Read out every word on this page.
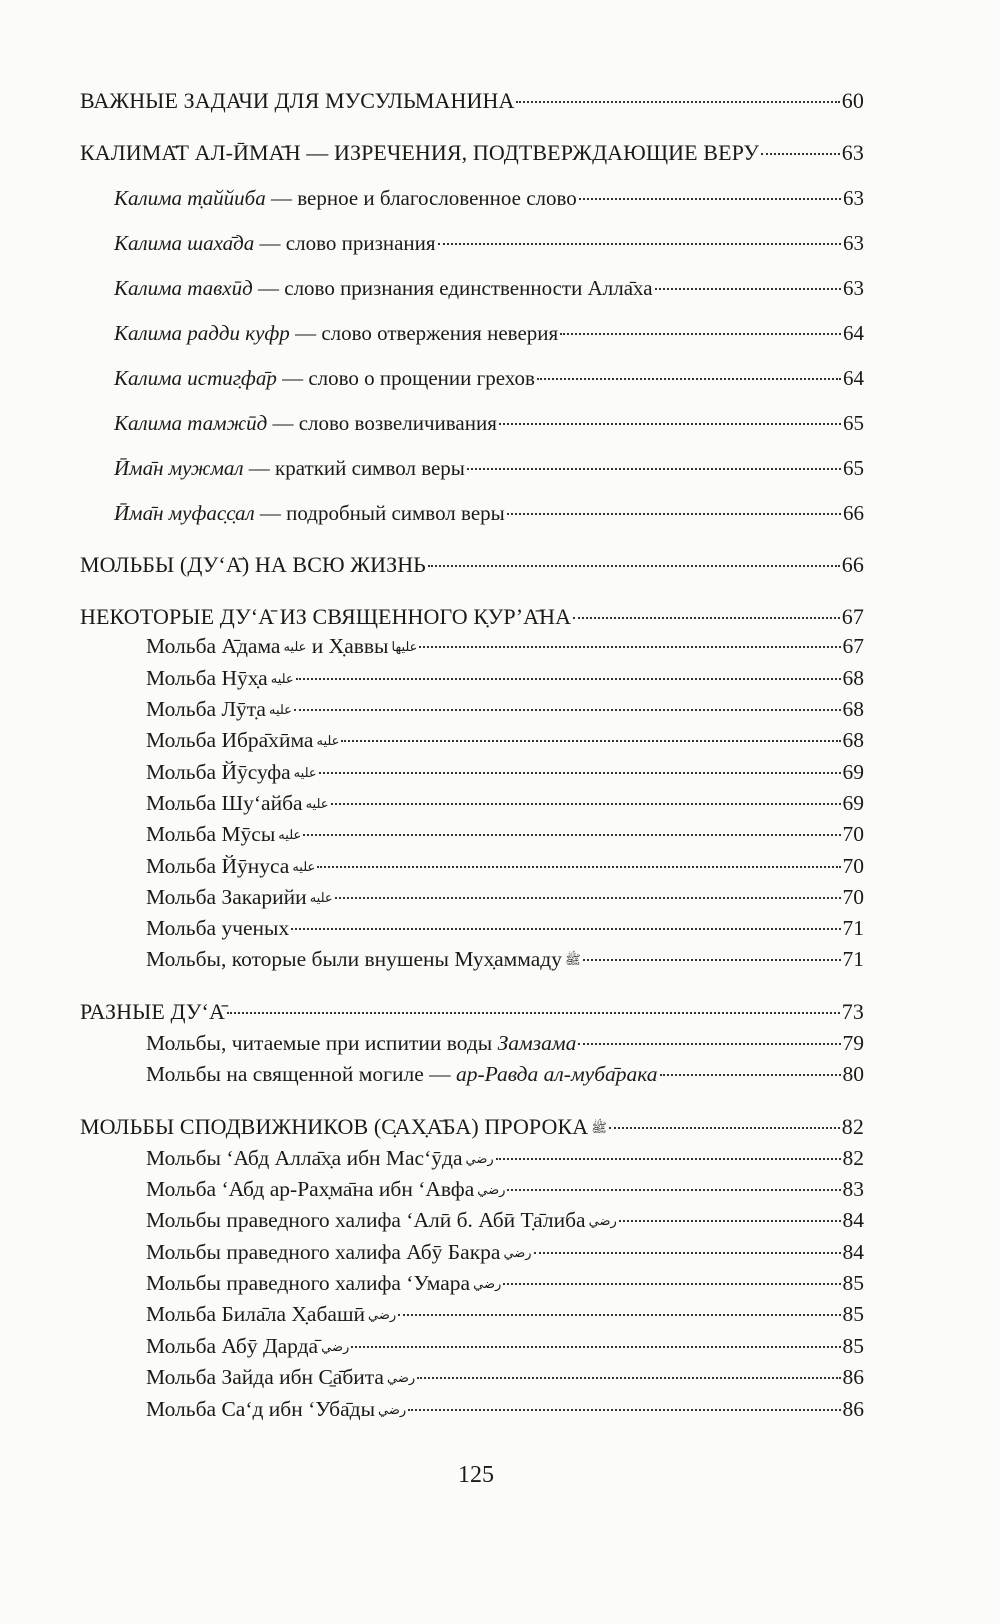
ВАЖНЫЕ ЗАДАЧИ ДЛЯ МУСУЛЬМАНИНА	60
КАЛИМА̄Т АЛ-ӢМА̄Н — ИЗРЕЧЕНИЯ, ПОДТВЕРЖДАЮЩИЕ ВЕРУ	63
Калима т̣аййиба — верное и благословенное слово	63
Калима шаха̄да — слово признания	63
Калима тавхӣд — слово признания единственности Алла̄ха	63
Калима радди куфр — слово отвержения неверия	64
Калима истиг̣фа̄р — слово о прощении грехов	64
Калима тамжӣд — слово возвеличивания	65
Ӣма̄н мужмал — краткий символ веры	65
Ӣма̄н муфас̣с̣ал — подробный символ веры	66
МОЛЬБЫ (ДУ‘А̄) НА ВСЮ ЖИЗНЬ	66
НЕКОТОРЫЕ ДУ‘А̄ ИЗ СВЯЩЕННОГО К̣УР’А̄НА	67
Мольба А̄дама عليه и Х̣аввы عليها	67
Мольба Нӯх̣а عليه	68
Мольба Лӯт̣а عليه	68
Мольба Ибра̄хӣма عليه	68
Мольба Йӯсуфа عليه	69
Мольба Шу‘айба عليه	69
Мольба Мӯсы عليه	70
Мольба Йӯнуса عليه	70
Мольба Закарийи عليه	70
Мольба ученых	71
Мольбы, которые были внушены Мух̣аммаду ﷺ	71
РАЗНЫЕ ДУ‘А̄	73
Мольбы, читаемые при испитии воды Замзама	79
Мольбы на священной могиле — ар-Равда ал-муба̄рака	80
МОЛЬБЫ СПОДВИЖНИКОВ (С̣АХ̣А̄БА) ПРОРОКА ﷺ	82
Мольбы ‘Абд Алла̄х̣а ибн Мас‘ӯда رضي	82
Мольба ‘Абд ар-Рах̣ма̄на ибн ‘Авфа رضي	83
Мольбы праведного халифа ‘Алӣ б. Абӣ Т̣а̄либа رضي	84
Мольбы праведного халифа Абӯ Бакра رضي	84
Мольбы праведного халифа ‘Умара رضي	85
Мольба Била̄ла Х̣абашӣ رضي	85
Мольба Абӯ Дарда̄ رضي	85
Мольба Зайда ибн С̱а̄бита رضي	86
Мольба Са‘д ибн ‘Уба̄ды رضي	86
125
